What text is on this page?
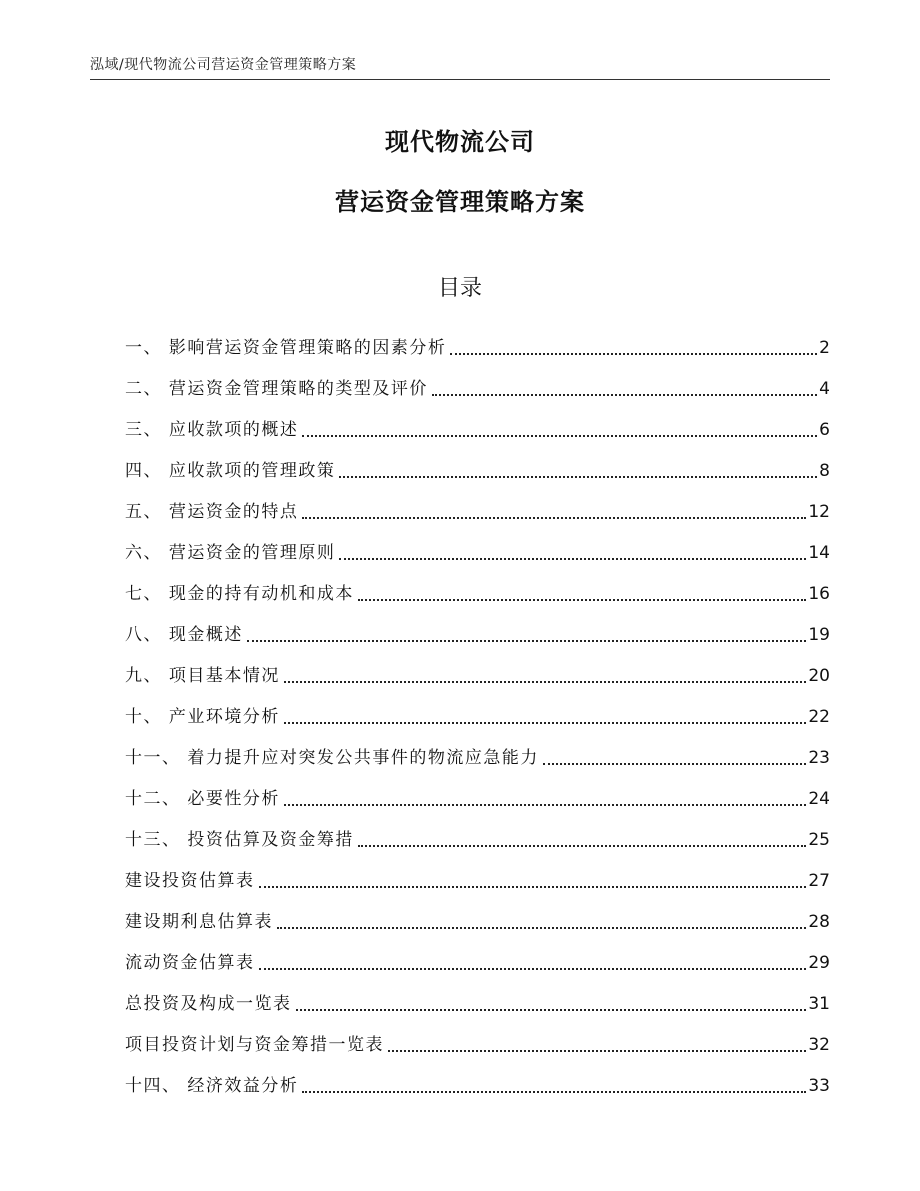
泓域/现代物流公司营运资金管理策略方案
现代物流公司
营运资金管理策略方案
目录
一、 影响营运资金管理策略的因素分析	2
二、 营运资金管理策略的类型及评价	4
三、 应收款项的概述	6
四、 应收款项的管理政策	8
五、 营运资金的特点	12
六、 营运资金的管理原则	14
七、 现金的持有动机和成本	16
八、 现金概述	19
九、 项目基本情况	20
十、 产业环境分析	22
十一、 着力提升应对突发公共事件的物流应急能力	23
十二、 必要性分析	24
十三、 投资估算及资金筹措	25
建设投资估算表	27
建设期利息估算表	28
流动资金估算表	29
总投资及构成一览表	31
项目投资计划与资金筹措一览表	32
十四、 经济效益分析	33
